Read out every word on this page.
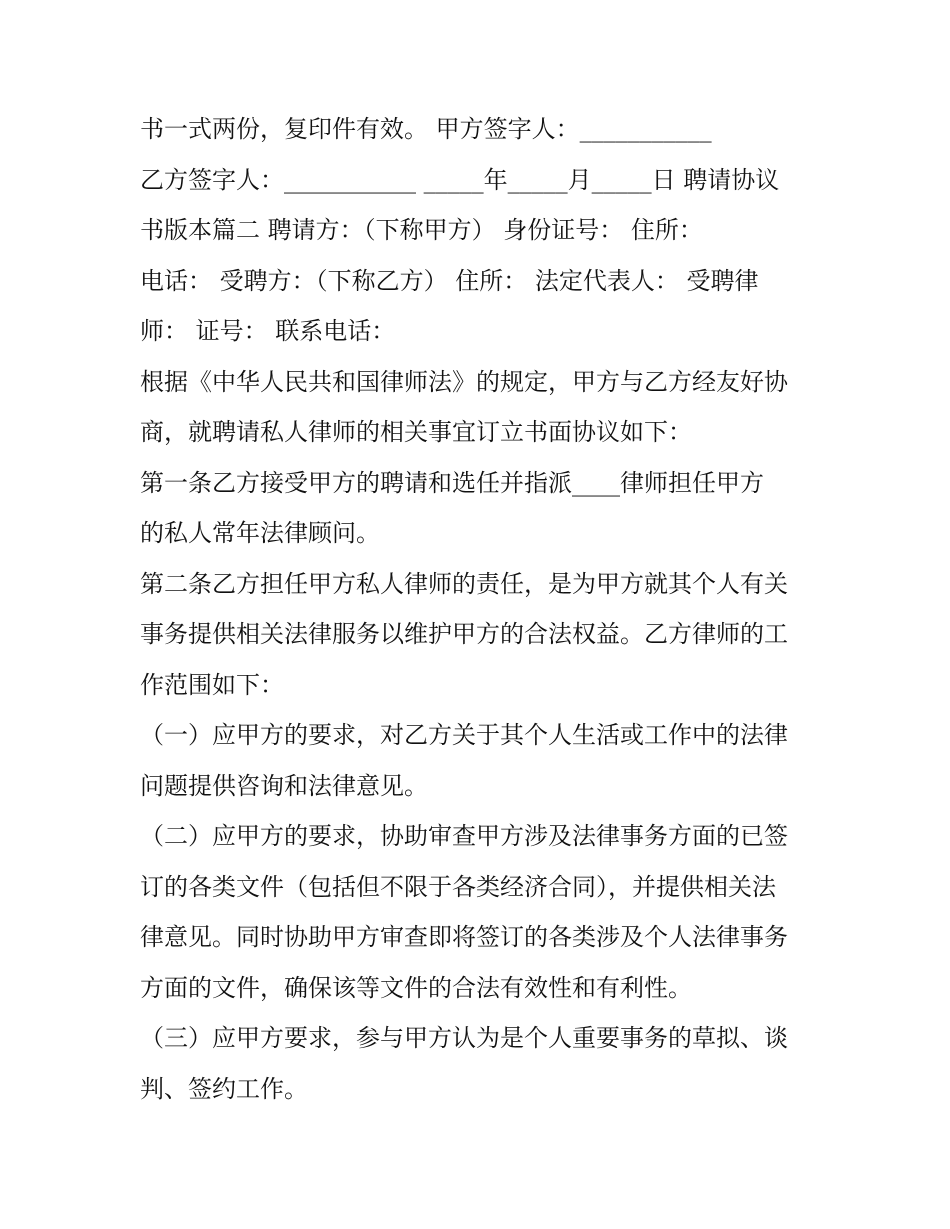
书一式两份，复印件有效。 甲方签字人：___________
乙方签字人：___________ _____年_____月_____日 聘请协议
书版本篇二 聘请方：（下称甲方） 身份证号： 住所：
电话： 受聘方：（下称乙方） 住所： 法定代表人： 受聘律
师： 证号： 联系电话：
根据《中华人民共和国律师法》的规定，甲方与乙方经友好协
商，就聘请私人律师的相关事宜订立书面协议如下：
第一条乙方接受甲方的聘请和选任并指派____律师担任甲方
的私人常年法律顾问。
第二条乙方担任甲方私人律师的责任，是为甲方就其个人有关
事务提供相关法律服务以维护甲方的合法权益。乙方律师的工
作范围如下：
（一）应甲方的要求，对乙方关于其个人生活或工作中的法律
问题提供咨询和法律意见。
（二）应甲方的要求，协助审查甲方涉及法律事务方面的已签
订的各类文件（包括但不限于各类经济合同），并提供相关法
律意见。同时协助甲方审查即将签订的各类涉及个人法律事务
方面的文件，确保该等文件的合法有效性和有利性。
（三）应甲方要求，参与甲方认为是个人重要事务的草拟、谈
判、签约工作。
